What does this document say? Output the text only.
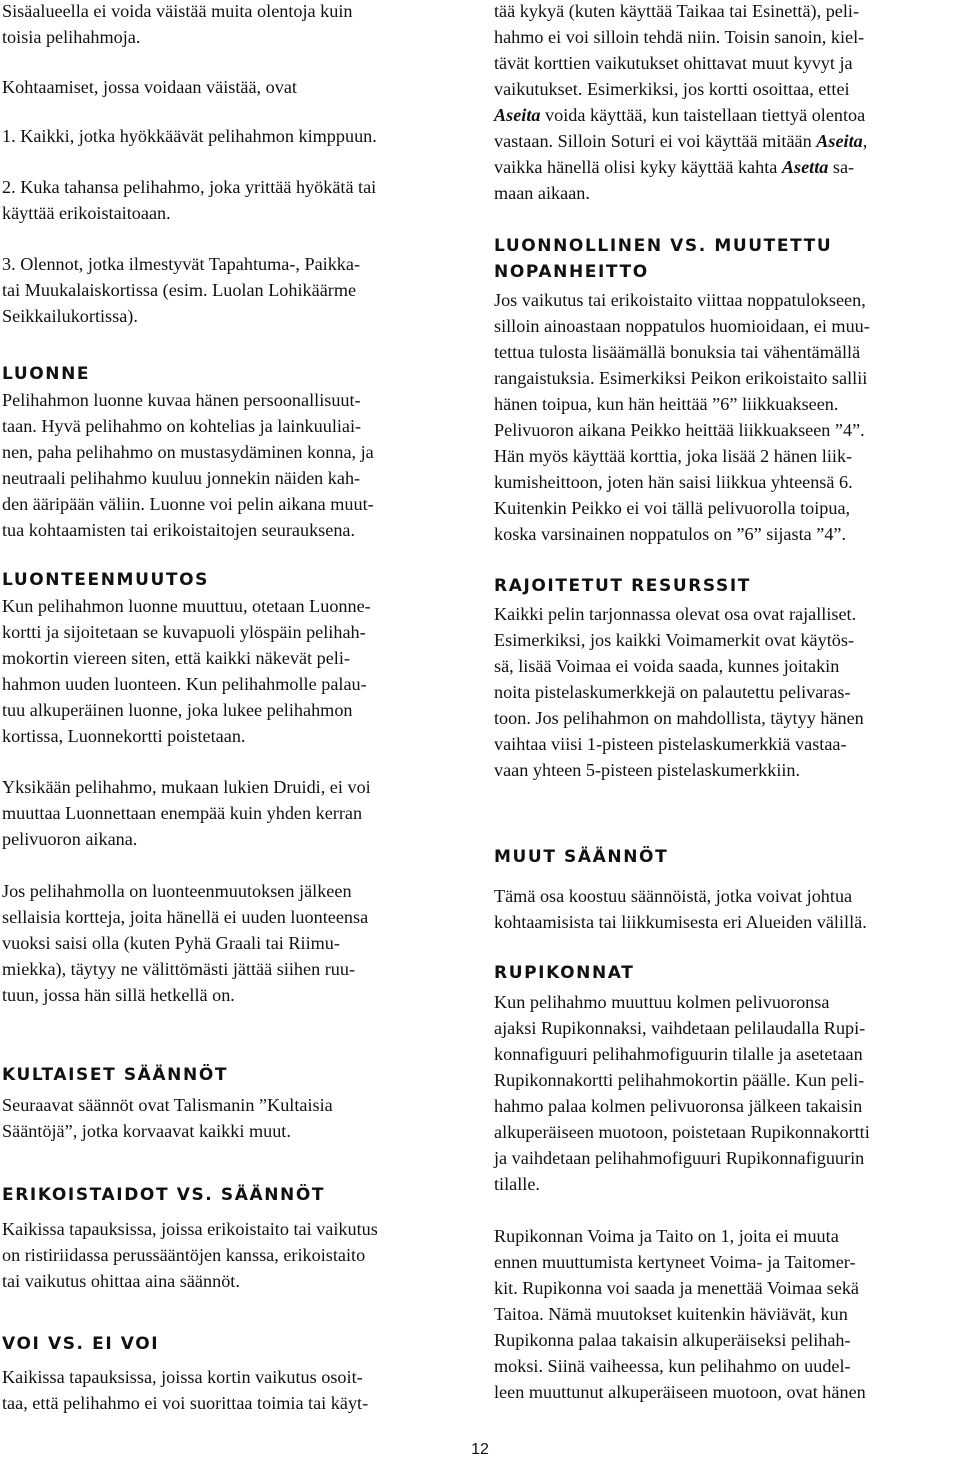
Sisäalueella ei voida väistää muita olentoja kuin
toisia pelihahmoja.
Kohtaamiset, jossa voidaan väistää, ovat
1. Kaikki, jotka hyökkäävät pelihahmon kimppuun.
2. Kuka tahansa pelihahmo, joka yrittää hyökätä tai
käyttää erikoistaitoaan.
3. Olennot, jotka ilmestyvät Tapahtuma-, Paikka-
tai Muukalaiskortissa (esim. Luolan Lohikäärme
Seikkailukortissa).
LUONNE
Pelihahmon luonne kuvaa hänen persoonallisuut-
taan. Hyvä pelihahmo on kohtelias ja lainkuuliai-
nen, paha pelihahmo on mustasydäminen konna, ja
neutraali pelihahmo kuuluu jonnekin näiden kah-
den ääripään väliin. Luonne voi pelin aikana muut-
tua kohtaamisten tai erikoistaitojen seurauksena.
LUONTEENMUUTOS
Kun pelihahmon luonne muuttuu, otetaan Luonne-
kortti ja sijoitetaan se kuvapuoli ylöspäin pelihah-
mokortin viereen siten, että kaikki näkevät peli-
hahmon uuden luonteen. Kun pelihahmolle palau-
tuu alkuperäinen luonne, joka lukee pelihahmon
kortissa, Luonnekortti poistetaan.
Yksikään pelihahmo, mukaan lukien Druidi, ei voi
muuttaa Luonnettaan enempää kuin yhden kerran
pelivuoron aikana.
Jos pelihahmolla on luonteenmuutoksen jälkeen
sellaisia kortteja, joita hänellä ei uuden luonteensa
vuoksi saisi olla (kuten Pyhä Graali tai Riimu-
miekka), täytyy ne välittömästi jättää siihen ruu-
tuun, jossa hän sillä hetkellä on.
KULTAISET SÄÄNNÖT
Seuraavat säännöt ovat Talismanin ”Kultaisia
Sääntöjä”, jotka korvaavat kaikki muut.
ERIKOISTAIDOT VS. SÄÄNNÖT
Kaikissa tapauksissa, joissa erikoistaito tai vaikutus
on ristiriidassa perussääntöjen kanssa, erikoistaito
tai vaikutus ohittaa aina säännöt.
VOI VS. EI VOI
Kaikissa tapauksissa, joissa kortin vaikutus osoit-
taa, että pelihahmo ei voi suorittaa toimia tai käyt-
tää kykyä (kuten käyttää Taikaa tai Esinettä), peli-
hahmo ei voi silloin tehdä niin. Toisin sanoin, kiel-
tävät korttien vaikutukset ohittavat muut kyvyt ja
vaikutukset. Esimerkiksi, jos kortti osoittaa, ettei
Aseita voida käyttää, kun taistellaan tiettyä olentoa
vastaan. Silloin Soturi ei voi käyttää mitään Aseita,
vaikka hänellä olisi kyky käyttää kahta Asetta sa-
maan aikaan.
LUONNOLLINEN VS. MUUTETTU
NOPANHEITTO
Jos vaikutus tai erikoistaito viittaa noppatulokseen,
silloin ainoastaan noppatulos huomioidaan, ei muu-
tettua tulosta lisäämällä bonuksia tai vähentämällä
rangaistuksia. Esimerkiksi Peikon erikoistaito sallii
hänen toipua, kun hän heittää ”6” liikkuakseen.
Pelivuoron aikana Peikko heittää liikkuakseen ”4”.
Hän myös käyttää korttia, joka lisää 2 hänen liik-
kumisheittoon, joten hän saisi liikkua yhteensä 6.
Kuitenkin Peikko ei voi tällä pelivuorolla toipua,
koska varsinainen noppatulos on ”6” sijasta ”4”.
RAJOITETUT RESURSSIT
Kaikki pelin tarjonnassa olevat osa ovat rajalliset.
Esimerkiksi, jos kaikki Voimamerkit ovat käytös-
sä, lisää Voimaa ei voida saada, kunnes joitakin
noita pistelaskumerkkejä on palautettu pelivaras-
toon. Jos pelihahmon on mahdollista, täytyy hänen
vaihtaa viisi 1-pisteen pistelaskumerkkiä vastaa-
vaan yhteen 5-pisteen pistelaskumerkkiin.
MUUT SÄÄNNÖT
Tämä osa koostuu säännöistä, jotka voivat johtua
kohtaamisista tai liikkumisesta eri Alueiden välillä.
RUPIKONNAT
Kun pelihahmo muuttuu kolmen pelivuoronsa
ajaksi Rupikonnaksi, vaihdetaan pelilaudalla Rupi-
konnafiguuri pelihahmofiguurin tilalle ja asetetaan
Rupikonnakortti pelihahmokortin päälle. Kun peli-
hahmo palaa kolmen pelivuoronsa jälkeen takaisin
alkuperäiseen muotoon, poistetaan Rupikonnakortti
ja vaihdetaan pelihahmofiguuri Rupikonnafiguurin
tilalle.
Rupikonnan Voima ja Taito on 1, joita ei muuta
ennen muuttumista kertyneet Voima- ja Taitomer-
kit. Rupikonna voi saada ja menettää Voimaa sekä
Taitoa. Nämä muutokset kuitenkin häviävät, kun
Rupikonna palaa takaisin alkuperäiseksi pelihah-
moksi. Siinä vaiheessa, kun pelihahmo on uudel-
leen muuttunut alkuperäiseen muotoon, ovat hänen
12
